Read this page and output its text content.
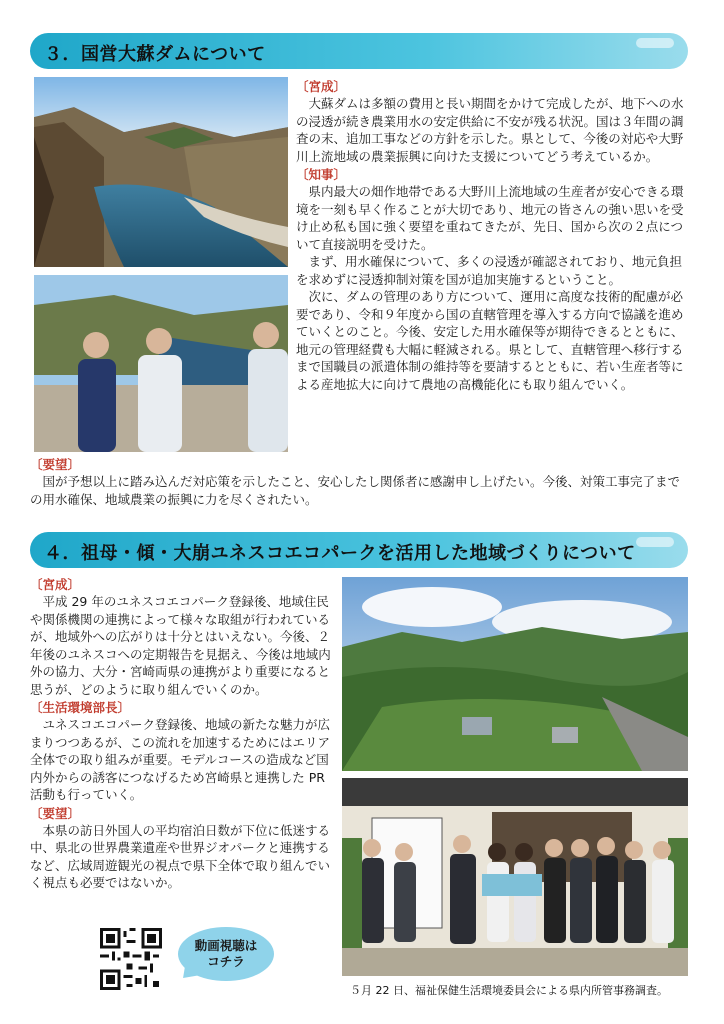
３．国営大蘇ダムについて
〔宮成〕

大蘇ダムは多額の費用と長い期間をかけて完成したが、地下への水の浸透が続き農業用水の安定供給に不安が残る状況。国は３年間の調査の末、追加工事などの方針を示した。県として、今後の対応や大野川上流地域の農業振興に向けた支援についてどう考えているか。

〔知事〕

県内最大の畑作地帯である大野川上流地域の生産者が安心できる環境を一刻も早く作ることが大切であり、地元の皆さんの強い思いを受け止め私も国に強く要望を重ねてきたが、先日、国から次の２点について直接説明を受けた。

まず、用水確保について、多くの浸透が確認されており、地元負担を求めずに浸透抑制対策を国が追加実施するということ。

次に、ダムの管理のあり方について、運用に高度な技術的配慮が必要であり、令和９年度から国の直轄管理を導入する方向で協議を進めていくとのこと。今後、安定した用水確保等が期待できるとともに、地元の管理経費も大幅に軽減される。県として、直轄管理へ移行するまで国職員の派遣体制の維持等を要請するとともに、若い生産者等による産地拡大に向けて農地の高機能化にも取り組んでいく。

〔要望〕

国が予想以上に踏み込んだ対応策を示したこと、安心したし関係者に感謝申し上げたい。今後、対策工事完了までの用水確保、地域農業の振興に力を尽くされたい。

４．祖母・傾・大崩ユネスコエコパークを活用した地域づくりについて
〔宮成〕

平成 29 年のユネスコエコパーク登録後、地域住民や関係機関の連携によって様々な取組が行われているが、地域外への広がりは十分とはいえない。今後、２年後のユネスコへの定期報告を見据え、今後は地域内外の協力、大分・宮崎両県の連携がより重要になると思うが、どのように取り組んでいくのか。

〔生活環境部長〕

ユネスコエコパーク登録後、地域の新たな魅力が広まりつつあるが、この流れを加速するためにはエリア全体での取り組みが重要。モデルコースの造成など国内外からの誘客につなげるため宮崎県と連携した PR 活動も行っていく。

〔要望〕

本県の訪日外国人の平均宿泊日数が下位に低迷する中、県北の世界農業遺産や世界ジオパークと連携するなど、広域周遊観光の視点で県下全体で取り組んでいく視点も必要ではないか。

動画視聴は
コチラ
５月 22 日、福祉保健生活環境委員会による県内所管事務調査。
